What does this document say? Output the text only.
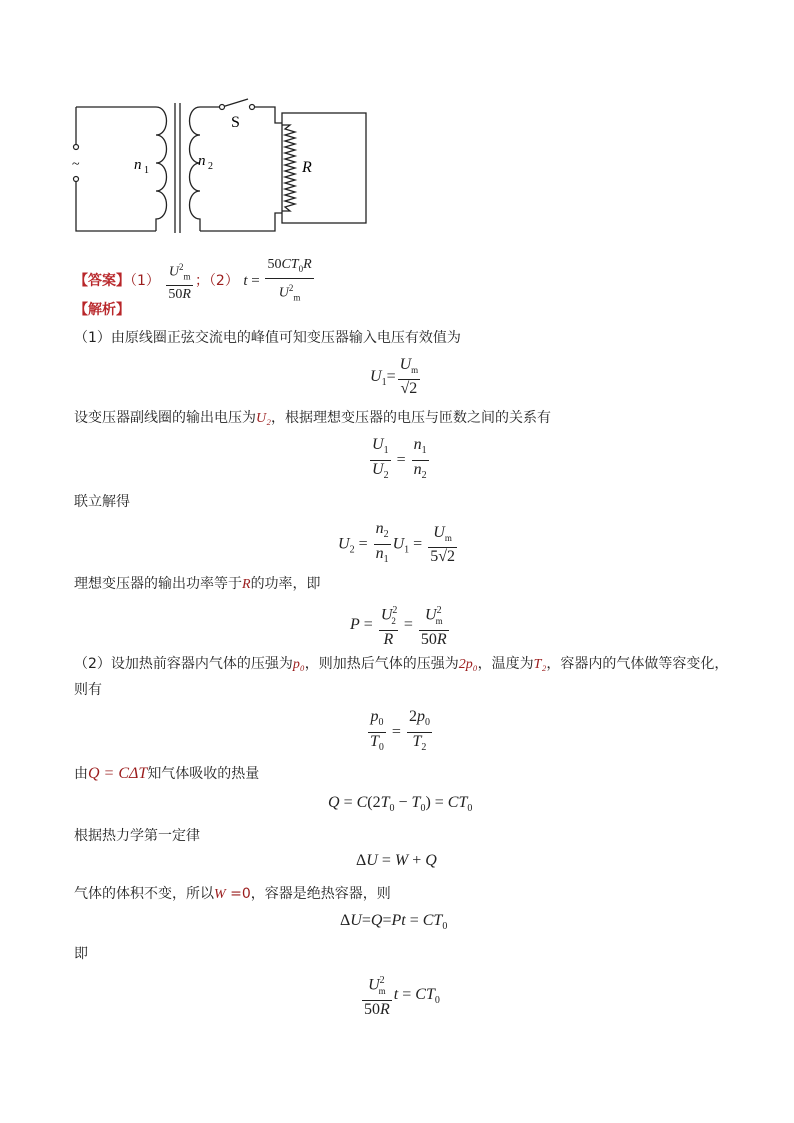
~
S
n 1
n 2	R
【答案】$(1) \frac{U^2_m}{50R}$ ；（2） $t = \frac{50CT_0R}{U^2_m}$
【解析】
（1）由原线圈正弦交流电的峰值可知变压器输入电压有效值为
$U_1= \frac{U_m}{√2}$
设变压器副线圈的输出电压为U₂，根据理想变压器的电压与匝数之间的关系有
$\frac{U_1}{U_2} = \frac{n_1}{n_2}$
联立解得
$U_2 = \frac{n_2}{n_1} U_1 = \frac{U_m}{5√2}$
理想变压器的输出功率等于R的功率，即
$P = \frac{U^2_2}{R} = \frac{U^2_m}{50R}$
（2）设加热前容器内气体的压强为p₀，则加热后气体的压强为2p₀，温度为T₂，容器内的气体做等容变化，
则有
$\frac{p_0}{T_0} = \frac{2p_0}{T_2}$
由Q = CΔT知气体吸收的热量
$Q = C(2T_0 - T_0) = CT_0$
根据热力学第一定律
ΔU = W + Q
气体的体积不变，所以W =0，容器是绝热容器，则
$\Delta U=Q=Pt = CT_0$
即
$\frac{U^2_m}{50R}$ $t = CT_0$
